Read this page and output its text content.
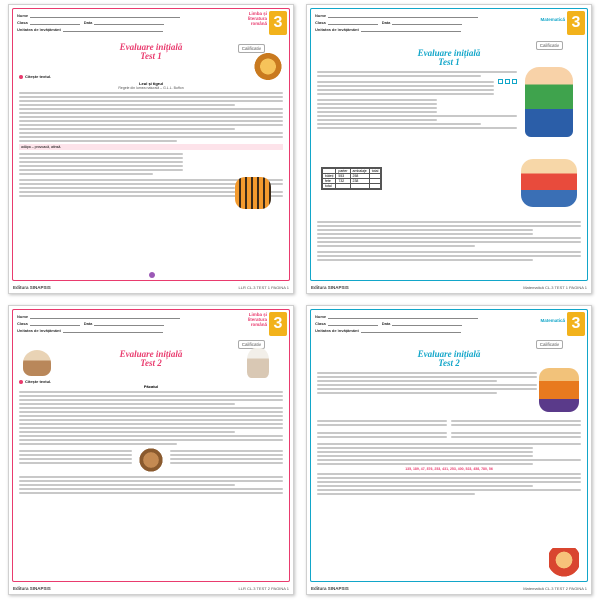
Nume
Clasa	Data
Unitatea de învățământ
Limba și literatura română 3
Evaluare inițială
Test 1
Calificativ
Citește textul.
Leul și tigrul
Regele din lumea naturală – G.L.L. Buffon
adăpa – provoacă, atinsă.
Editura SINAPSIS	LLR CL.3 TEST 1 PAGINA 1
Nume
Clasa	Data
Unitatea de învățământ
Matematică 3
Calificativ
Evaluare inițială
Test 1
	parter	ambalaje	total
băieți	553	258	
fete	732	238	
total			
Editura SINAPSIS	Matematică CL.3 TEST 1 PAGINA 1
Nume
Clasa	Data
Unitatea de învățământ
Limba și literatura română 3
Calificativ
Evaluare inițială
Test 2
Citește textul.
Păcatul
Editura SINAPSIS	LLR CL.3 TEST 2 PAGINA 1
Nume
Clasa	Data
Unitatea de învățământ
Matematică 3
Calificativ
Evaluare inițială
Test 2
135, 189, 47, 876, 253, 431, 253, 400, 523, 458, 780, 56
Editura SINAPSIS	Matematică CL.3 TEST 2 PAGINA 1
